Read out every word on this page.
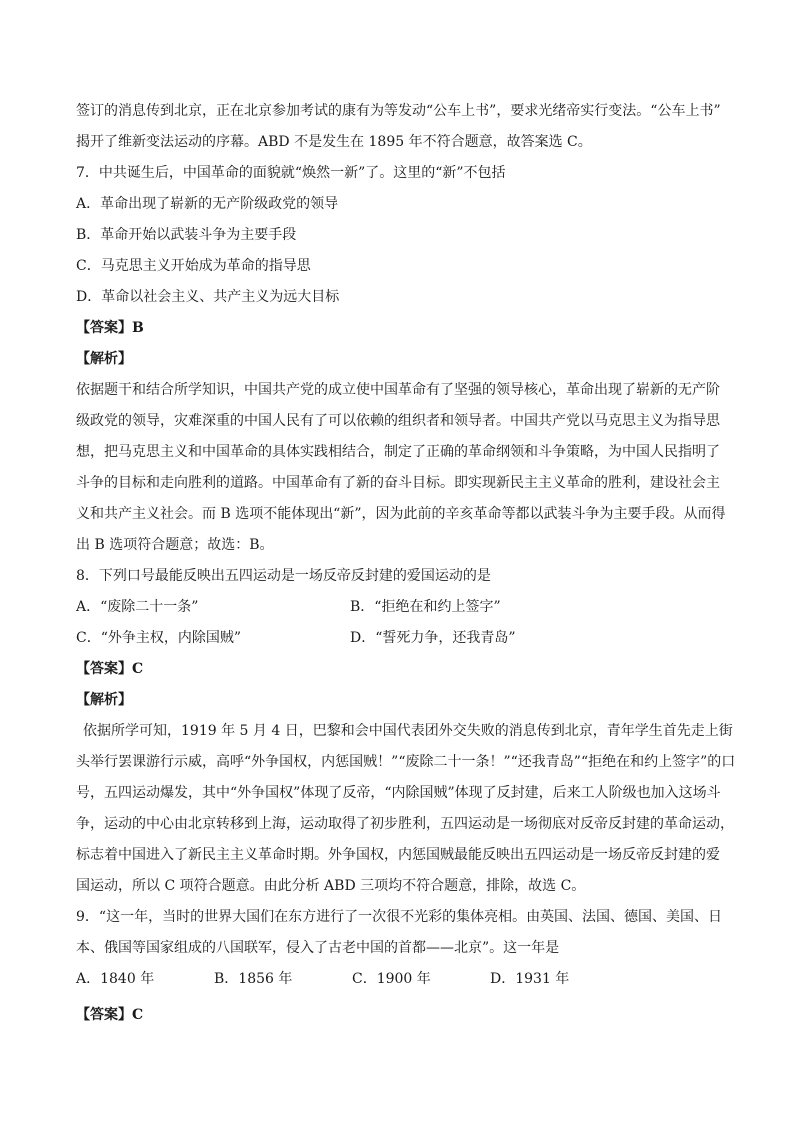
签订的消息传到北京，正在北京参加考试的康有为等发动“公车上书”，要求光绪帝实行变法。“公车上书”
揭开了维新变法运动的序幕。ABD 不是发生在 1895 年不符合题意，故答案选 C。
7．中共诞生后，中国革命的面貌就“焕然一新”了。这里的“新”不包括
A．革命出现了崭新的无产阶级政党的领导
B．革命开始以武装斗争为主要手段
C．马克思主义开始成为革命的指导思
D．革命以社会主义、共产主义为远大目标
【答案】B
【解析】
依据题干和结合所学知识，中国共产党的成立使中国革命有了坚强的领导核心，革命出现了崭新的无产阶
级政党的领导，灾难深重的中国人民有了可以依赖的组织者和领导者。中国共产党以马克思主义为指导思
想，把马克思主义和中国革命的具体实践相结合，制定了正确的革命纲领和斗争策略，为中国人民指明了
斗争的目标和走向胜利的道路。中国革命有了新的奋斗目标。即实现新民主主义革命的胜利，建设社会主
义和共产主义社会。而 B 选项不能体现出“新”，因为此前的辛亥革命等都以武装斗争为主要手段。从而得
出 B 选项符合题意；故选：B。
8．下列口号最能反映出五四运动是一场反帝反封建的爱国运动的是
A．“废除二十一条”	B．“拒绝在和约上签字”
C．“外争主权，内除国贼”	D．“誓死力争，还我青岛”
【答案】C
【解析】
依据所学可知，1919 年 5 月 4 日，巴黎和会中国代表团外交失败的消息传到北京，青年学生首先走上街
头举行罢课游行示威，高呼“外争国权，内惩国贼！”“废除二十一条！”“还我青岛”“拒绝在和约上签字”的口
号，五四运动爆发，其中“外争国权”体现了反帝，“内除国贼”体现了反封建，后来工人阶级也加入这场斗
争，运动的中心由北京转移到上海，运动取得了初步胜利，五四运动是一场彻底对反帝反封建的革命运动，
标志着中国进入了新民主主义革命时期。外争国权，内惩国贼最能反映出五四运动是一场反帝反封建的爱
国运动，所以 C 项符合题意。由此分析 ABD 三项均不符合题意，排除，故选 C。
9．“这一年，当时的世界大国们在东方进行了一次很不光彩的集体亮相。由英国、法国、德国、美国、日
本、俄国等国家组成的八国联军，侵入了古老中国的首都——北京”。这一年是
A．1840 年	B．1856 年	C．1900 年	D．1931 年
【答案】C
